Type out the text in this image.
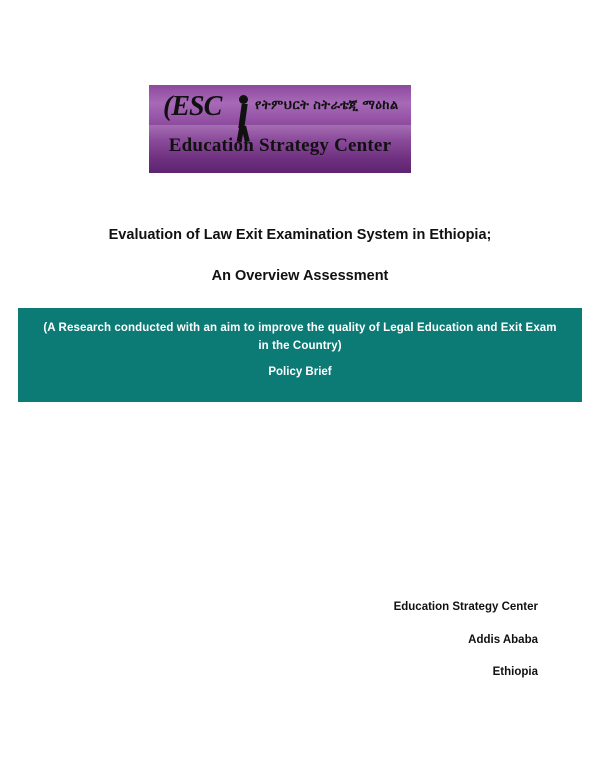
(ESC	የትምህርት ስትራቴጂ ማዕከል
Education Strategy Center
Evaluation of Law Exit Examination System in Ethiopia;
An Overview Assessment
(A Research conducted with an aim to improve the quality of Legal Education and Exit Exam in the Country)
Policy Brief
Education Strategy Center
Addis Ababa
Ethiopia
